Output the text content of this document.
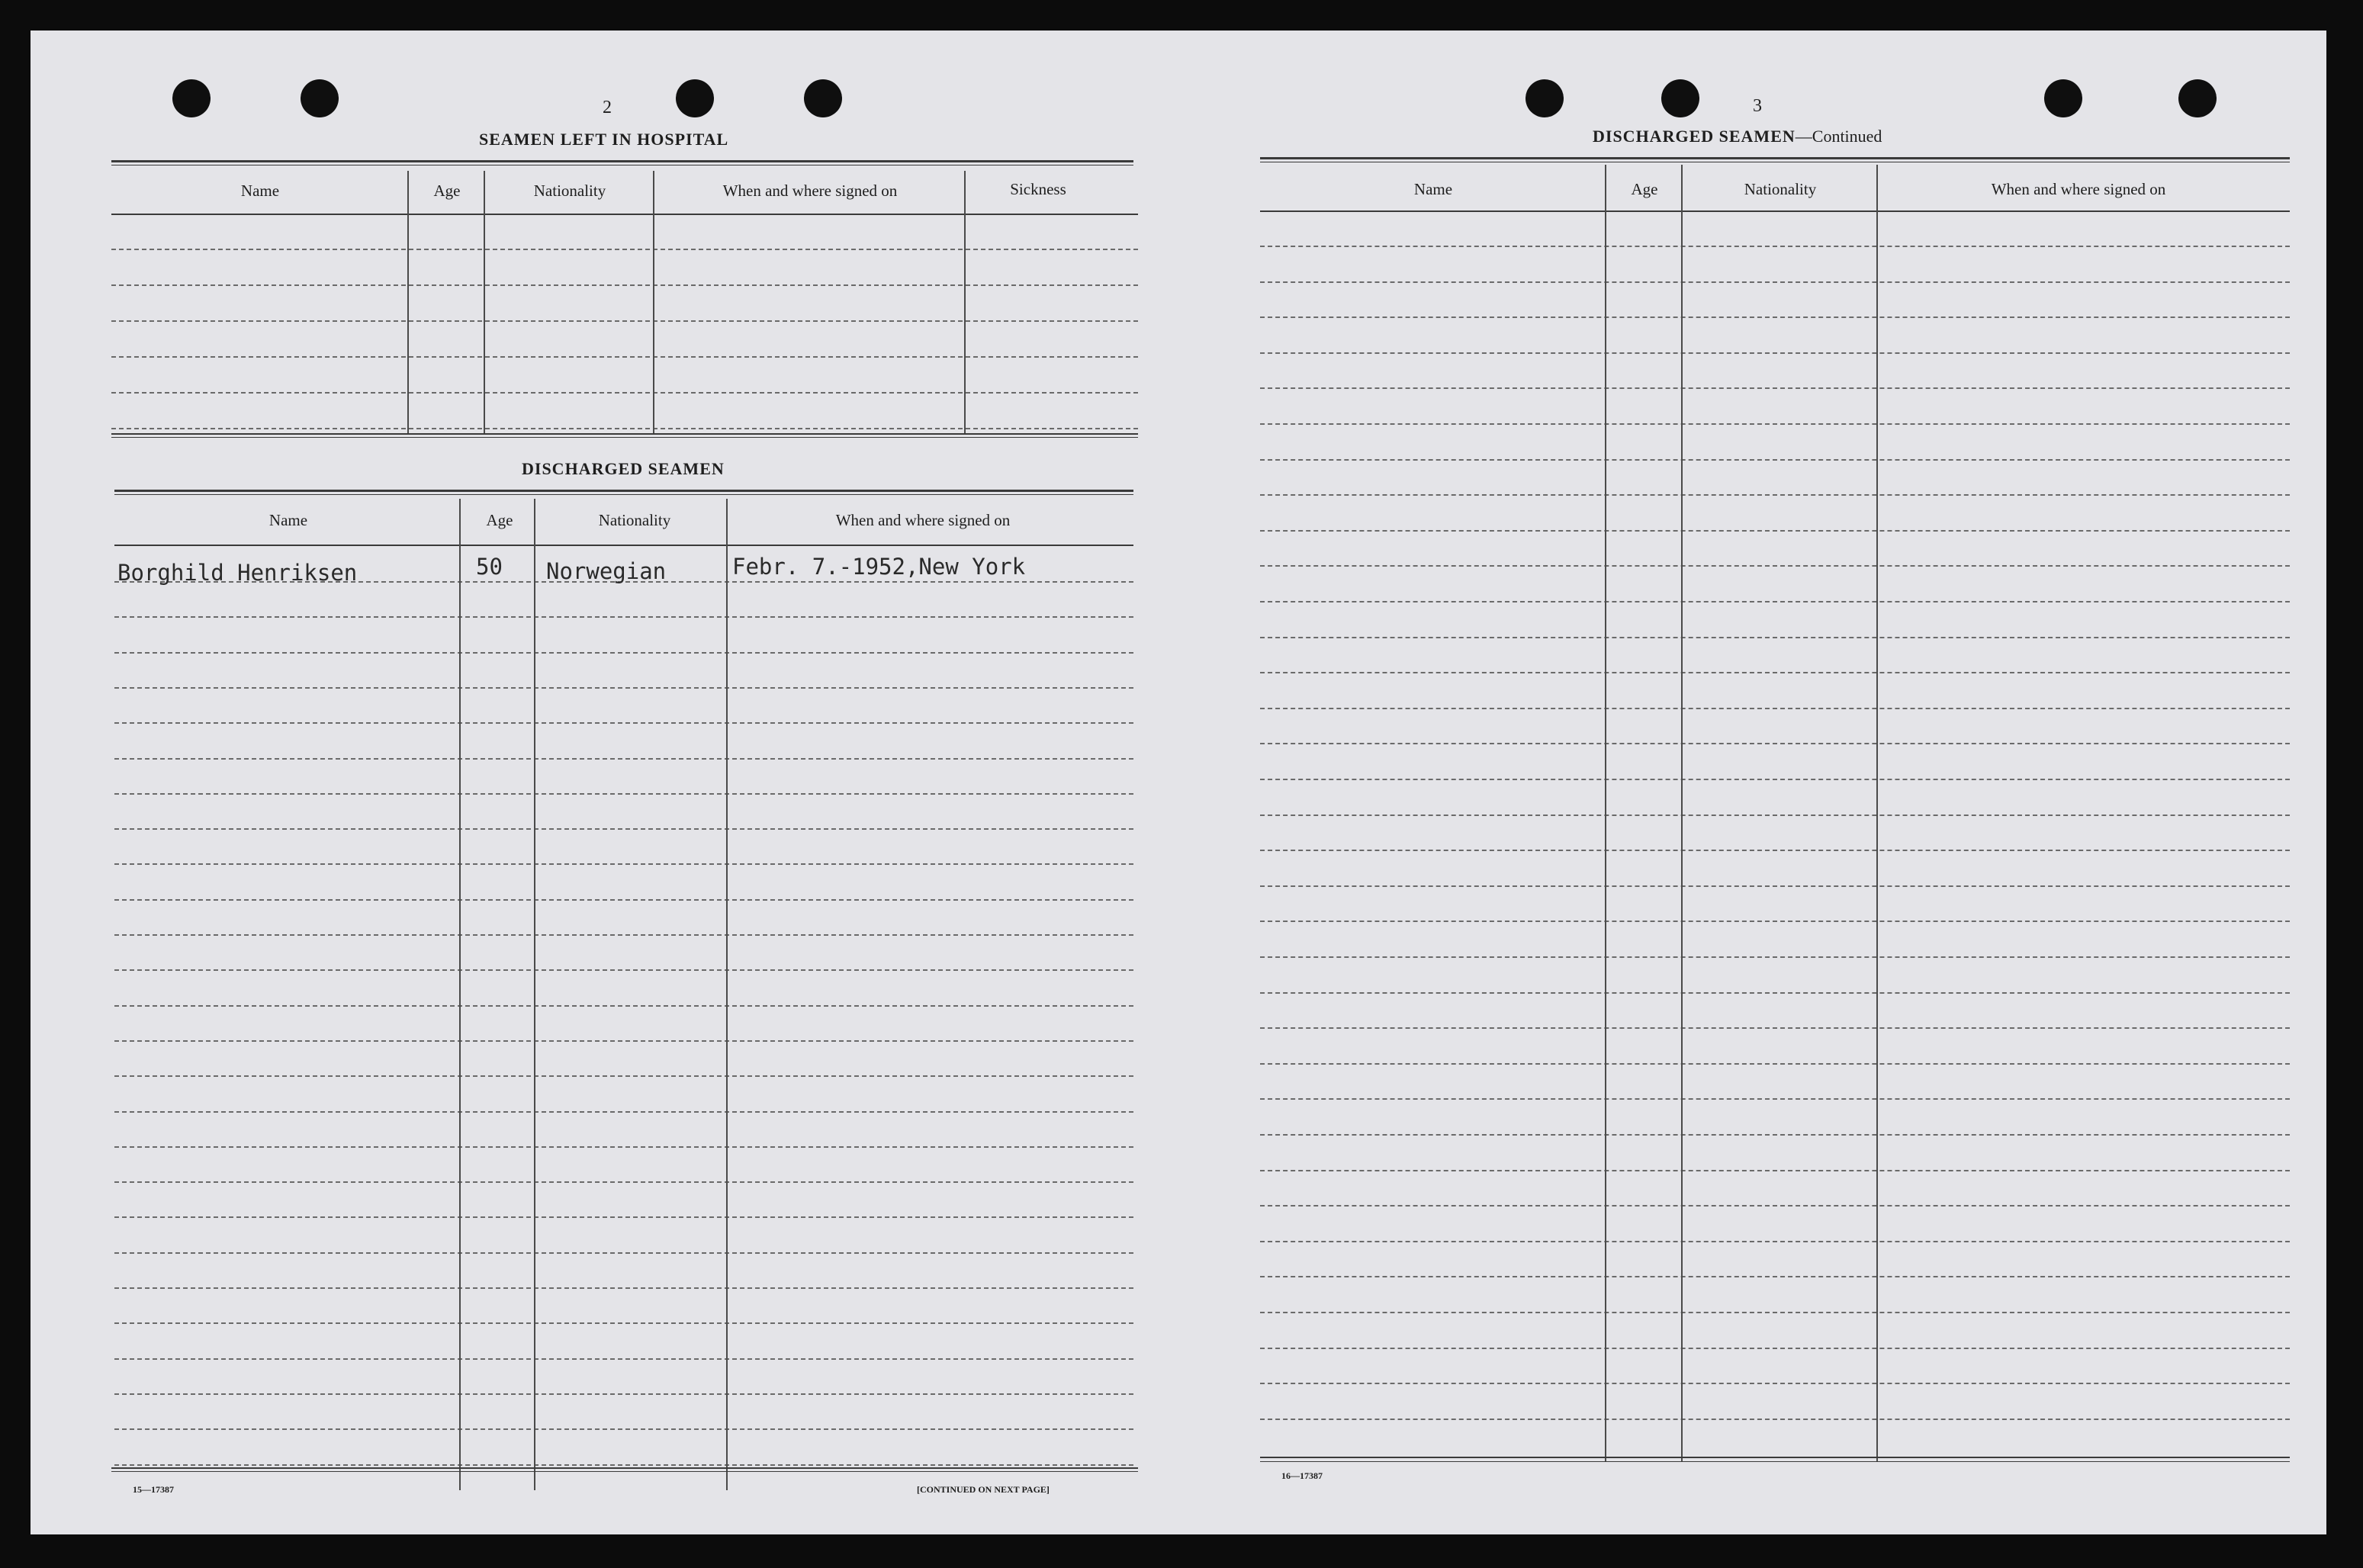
2
SEAMEN LEFT IN HOSPITAL
Name	Age	Nationality	When and where signed on	Sickness
DISCHARGED SEAMEN
Name	Age	Nationality	When and where signed on
Borghild Henriksen	50 Norwegian	Febr. 7.-1952,New York
15—17387	[CONTINUED ON NEXT PAGE]
3
DISCHARGED SEAMEN—Continued
Name	Age	Nationality	When and where signed on
16—17387
